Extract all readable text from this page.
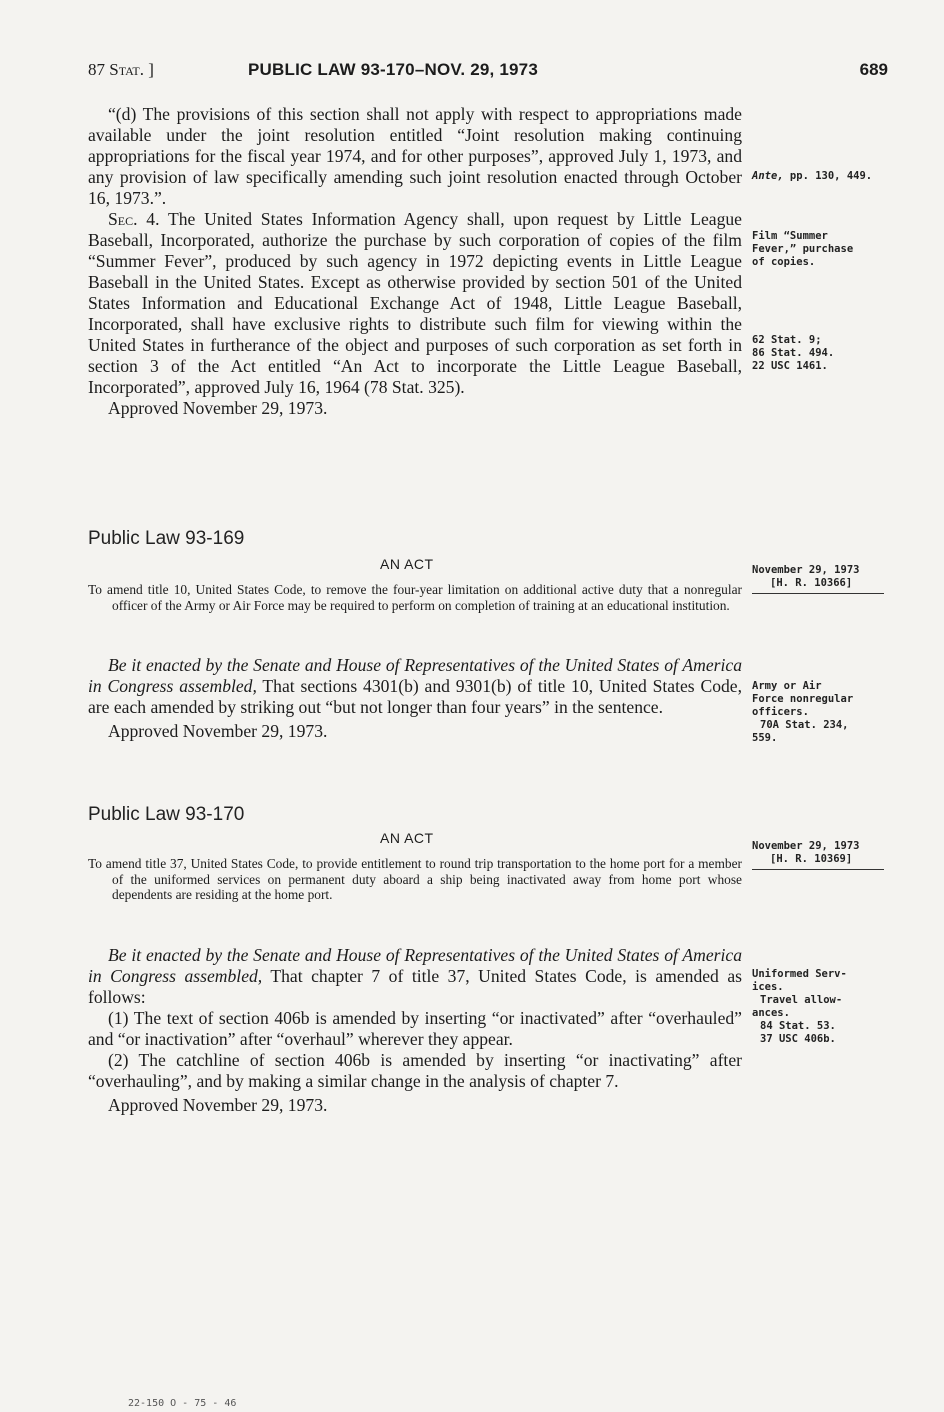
87 Stat. ]	PUBLIC LAW 93-170–NOV. 29, 1973	689

“(d) The provisions of this section shall not apply with respect to appropriations made available under the joint resolution entitled “Joint resolution making continuing appropriations for the fiscal year 1974, and for other purposes”, approved July 1, 1973, and any provision of law specifically amending such joint resolution enacted through October 16, 1973.”.

Sec. 4. The United States Information Agency shall, upon request by Little League Baseball, Incorporated, authorize the purchase by such corporation of copies of the film “Summer Fever”, produced by such agency in 1972 depicting events in Little League Baseball in the United States. Except as otherwise provided by section 501 of the United States Information and Educational Exchange Act of 1948, Little League Baseball, Incorporated, shall have exclusive rights to distribute such film for viewing within the United States in furtherance of the object and purposes of such corporation as set forth in section 3 of the Act entitled “An Act to incorporate the Little League Baseball, Incorporated”, approved July 16, 1964 (78 Stat. 325).

Approved November 29, 1973.

Ante, pp. 130, 449.
Film “Summer
Fever,” purchase
of copies.
62 Stat. 9;
86 Stat. 494.
22 USC 1461.
Public Law 93-169
AN ACT

To amend title 10, United States Code, to remove the four-year limitation on additional active duty that a nonregular officer of the Army or Air Force may be required to perform on completion of training at an educational institution.

November 29, 1973
[H. R. 10366]

Be it enacted by the Senate and House of Representatives of the United States of America in Congress assembled, That sections 4301(b) and 9301(b) of title 10, United States Code, are each amended by striking out “but not longer than four years” in the sentence.

Approved November 29, 1973.

Army or Air
Force nonregular
officers.
70A Stat. 234,
559.
Public Law 93-170
AN ACT

To amend title 37, United States Code, to provide entitlement to round trip transportation to the home port for a member of the uniformed services on permanent duty aboard a ship being inactivated away from home port whose dependents are residing at the home port.

November 29, 1973
[H. R. 10369]

Be it enacted by the Senate and House of Representatives of the United States of America in Congress assembled, That chapter 7 of title 37, United States Code, is amended as follows:

(1) The text of section 406b is amended by inserting “or inactivated” after “overhauled” and “or inactivation” after “overhaul” wherever they appear.

(2) The catchline of section 406b is amended by inserting “or inactivating” after “overhauling”, and by making a similar change in the analysis of chapter 7.

Approved November 29, 1973.

Uniformed Serv-
ices.
Travel allow-
ances.
84 Stat. 53.
37 USC 406b.
22-150 O - 75 - 46
